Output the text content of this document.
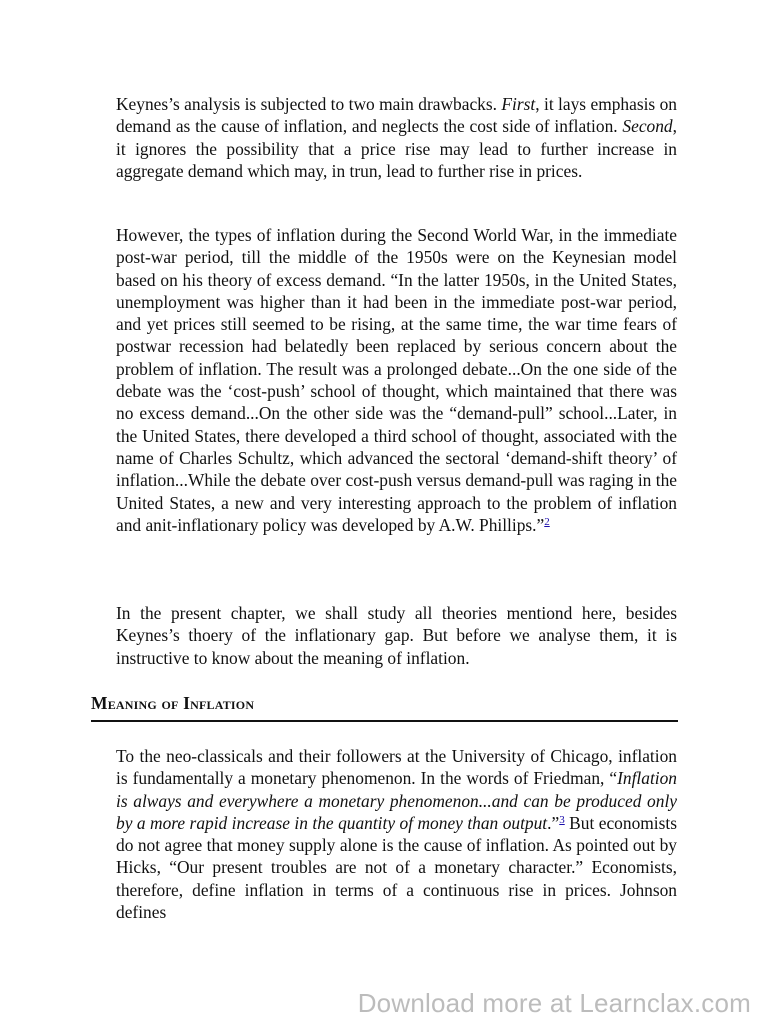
Keynes’s analysis is subjected to two main drawbacks. First, it lays emphasis on demand as the cause of inflation, and neglects the cost side of inflation. Second, it ignores the possibility that a price rise may lead to further increase in aggregate demand which may, in trun, lead to further rise in prices.

However, the types of inflation during the Second World War, in the immediate post-war period, till the middle of the 1950s were on the Keynesian model based on his theory of excess demand. “In the latter 1950s, in the United States, unemployment was higher than it had been in the immediate post-war period, and yet prices still seemed to be rising, at the same time, the war time fears of postwar recession had belatedly been replaced by serious concern about the problem of inflation. The result was a prolonged debate...On the one side of the debate was the ‘cost-push’ school of thought, which maintained that there was no excess demand...On the other side was the “demand-pull” school...Later, in the United States, there developed a third school of thought, associated with the name of Charles Schultz, which advanced the sectoral ‘demand-shift theory’ of inflation...While the debate over cost-push versus demand-pull was raging in the United States, a new and very interesting approach to the problem of inflation and anit-inflationary policy was developed by A.W. Phillips.”$^2$

In the present chapter, we shall study all theories mentiond here, besides Keynes’s thoery of the inflationary gap. But before we analyse them, it is instructive to know about the meaning of inflation.

Meaning of Inflation

To the neo-classicals and their followers at the University of Chicago, inflation is fundamentally a monetary phenomenon. In the words of Friedman, “Inflation is always and everywhere a monetary phenomenon...and can be produced only by a more rapid increase in the quantity of money than output.”$^3$ But economists do not agree that money supply alone is the cause of inflation. As pointed out by Hicks, “Our present troubles are not of a monetary character.” Economists, therefore, define inflation in terms of a continuous rise in prices. Johnson defines

Download more at Learnclax.com
